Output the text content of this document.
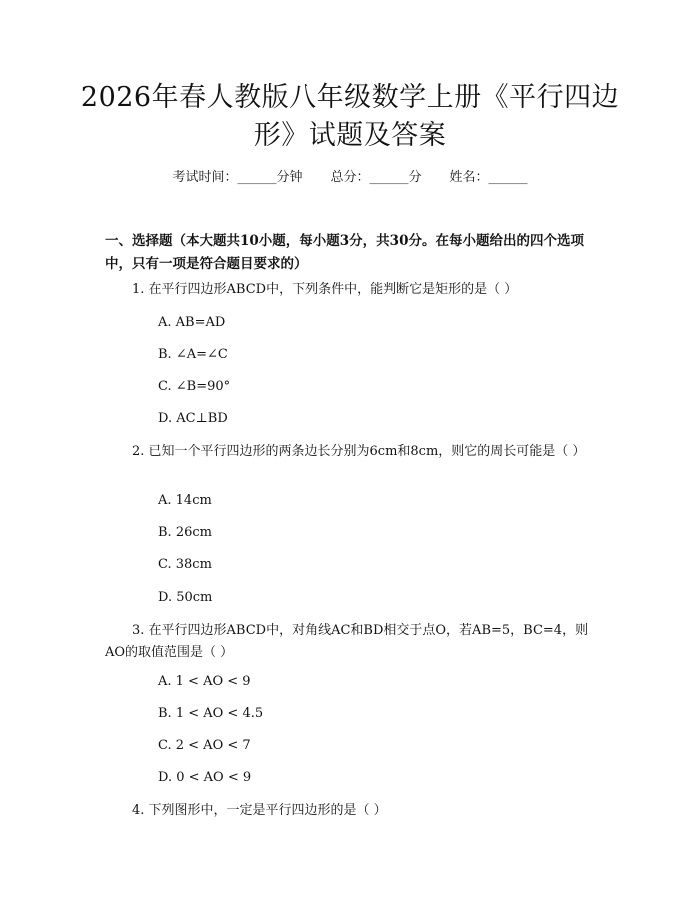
2026年春人教版八年级数学上册《平行四边
形》试题及答案
考试时间：______分钟 总分：______分 姓名：______
一、选择题（本大题共10小题，每小题3分，共30分。在每小题给出的四个选项中，只有一项是符合题目要求的）
1. 在平行四边形ABCD中，下列条件中，能判断它是矩形的是（ ）
A. AB=AD
B. ∠A=∠C
C. ∠B=90°
D. AC⊥BD
2. 已知一个平行四边形的两条边长分别为6cm和8cm，则它的周长可能是（ ）
A. 14cm
B. 26cm
C. 38cm
D. 50cm
3. 在平行四边形ABCD中，对角线AC和BD相交于点O，若AB=5，BC=4，则AO的取值范围是（ ）
A. 1 < AO < 9
B. 1 < AO < 4.5
C. 2 < AO < 7
D. 0 < AO < 9
4. 下列图形中，一定是平行四边形的是（ ）
